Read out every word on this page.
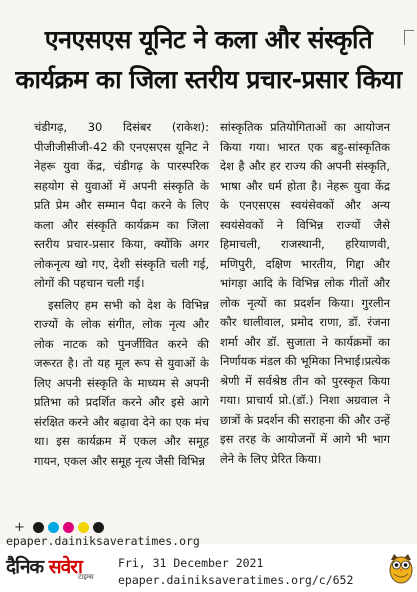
एनएसएस यूनिट ने कला और संस्कृति
कार्यक्रम का जिला स्तरीय प्रचार-प्रसार किया

चंडीगढ़, 30 दिसंबर (राकेश): पीजीजीसीजी-42 की एनएसएस यूनिट ने नेहरू युवा केंद्र, चंडीगढ़ के पारस्परिक सहयोग से युवाओं में अपनी संस्कृति के प्रति प्रेम और सम्मान पैदा करने के लिए कला और संस्कृति कार्यक्रम का जिला स्तरीय प्रचार-प्रसार किया, क्योंकि अगर लोकनृत्य खो गए, देशी संस्कृति चली गई, लोगों की पहचान चली गई।

इसलिए हम सभी को देश के विभिन्न राज्यों के लोक संगीत, लोक नृत्य और लोक नाटक को पुनर्जीवित करने की जरूरत है। तो यह मूल रूप से युवाओं के लिए अपनी संस्कृति के माध्यम से अपनी प्रतिभा को प्रदर्शित करने और इसे आगे संरक्षित करने और बढ़ावा देने का एक मंच था। इस कार्यक्रम में एकल और समूह गायन, एकल और समूह नृत्य जैसी विभिन्न

सांस्कृतिक प्रतियोगिताओं का आयोजन किया गया। भारत एक बहु-सांस्कृतिक देश है और हर राज्य की अपनी संस्कृति, भाषा और धर्म होता है। नेहरू युवा केंद्र के एनएसएस स्वयंसेवकों और अन्य स्वयंसेवकों ने विभिन्न राज्यों जैसे हिमाचली, राजस्थानी, हरियाणवी, मणिपुरी, दक्षिण भारतीय, गिद्दा और भांगड़ा आदि के विभिन्न लोक गीतों और लोक नृत्यों का प्रदर्शन किया। गुरलीन कौर धालीवाल, प्रमोद राणा, डॉ. रंजना शर्मा और डॉ. सुजाता ने कार्यक्रमों का निर्णायक मंडल की भूमिका निभाई।प्रत्येक श्रेणी में सर्वश्रेष्ठ तीन को पुरस्कृत किया गया। प्राचार्य प्रो.(डॉ.) निशा अग्रवाल ने छात्रों के प्रदर्शन की सराहना की और उन्हें इस तरह के आयोजनों में आगे भी भाग लेने के लिए प्रेरित किया।

+
epaper.dainiksaveratimes.org
दैनिक सवेरा
टाइम्स
Fri, 31 December 2021
epaper.dainiksaveratimes.org/c/652
